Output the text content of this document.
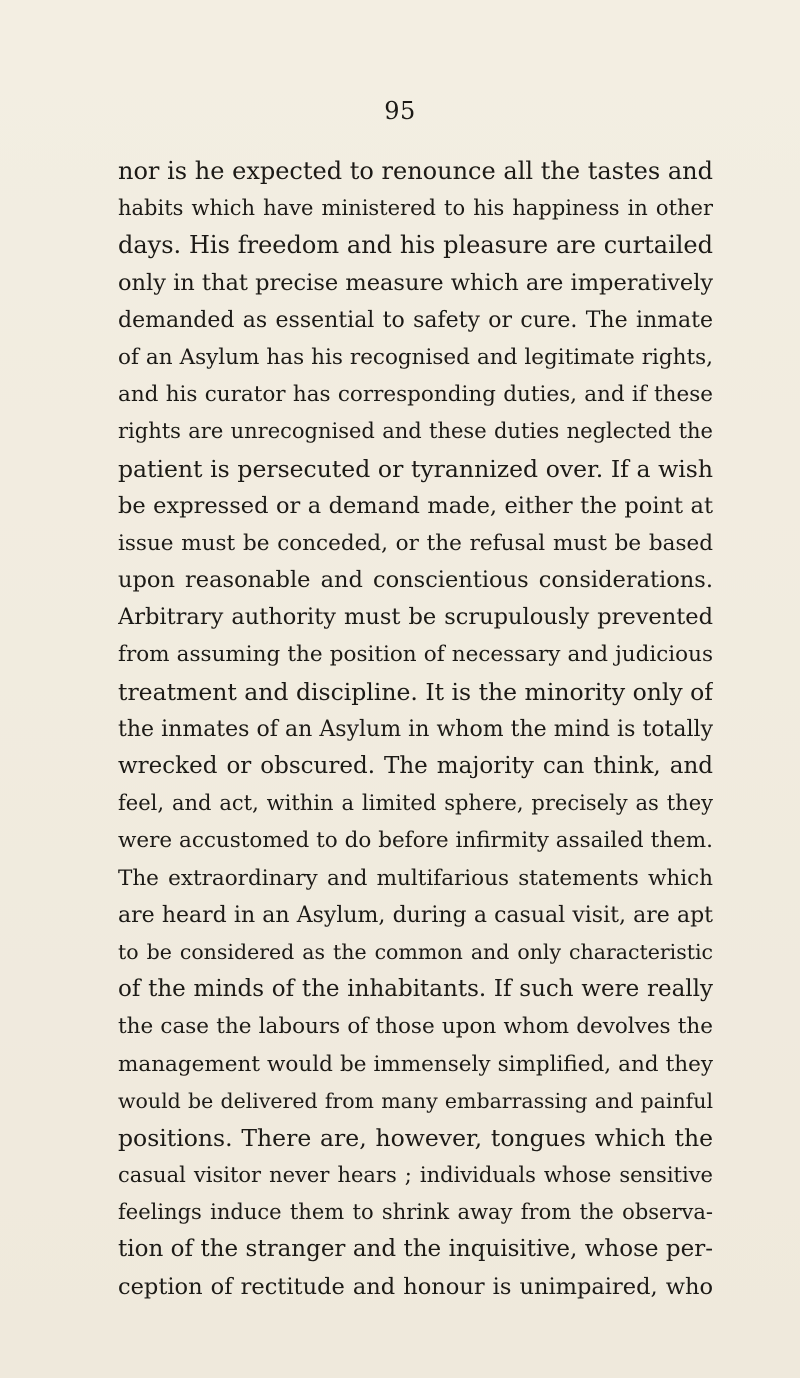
95
nor is he expected to renounce all the tastes and
habits which have ministered to his happiness in other
days. His freedom and his pleasure are curtailed
only in that precise measure which are imperatively
demanded as essential to safety or cure. The inmate
of an Asylum has his recognised and legitimate rights,
and his curator has corresponding duties, and if these
rights are unrecognised and these duties neglected the
patient is persecuted or tyrannized over. If a wish
be expressed or a demand made, either the point at
issue must be conceded, or the refusal must be based
upon reasonable and conscientious considerations.
Arbitrary authority must be scrupulously prevented
from assuming the position of necessary and judicious
treatment and discipline. It is the minority only of
the inmates of an Asylum in whom the mind is totally
wrecked or obscured. The majority can think, and
feel, and act, within a limited sphere, precisely as they
were accustomed to do before infirmity assailed them.
The extraordinary and multifarious statements which
are heard in an Asylum, during a casual visit, are apt
to be considered as the common and only characteristic
of the minds of the inhabitants. If such were really
the case the labours of those upon whom devolves the
management would be immensely simplified, and they
would be delivered from many embarrassing and painful
positions. There are, however, tongues which the
casual visitor never hears ; individuals whose sensitive
feelings induce them to shrink away from the observa-
tion of the stranger and the inquisitive, whose per-
ception of rectitude and honour is unimpaired, who
